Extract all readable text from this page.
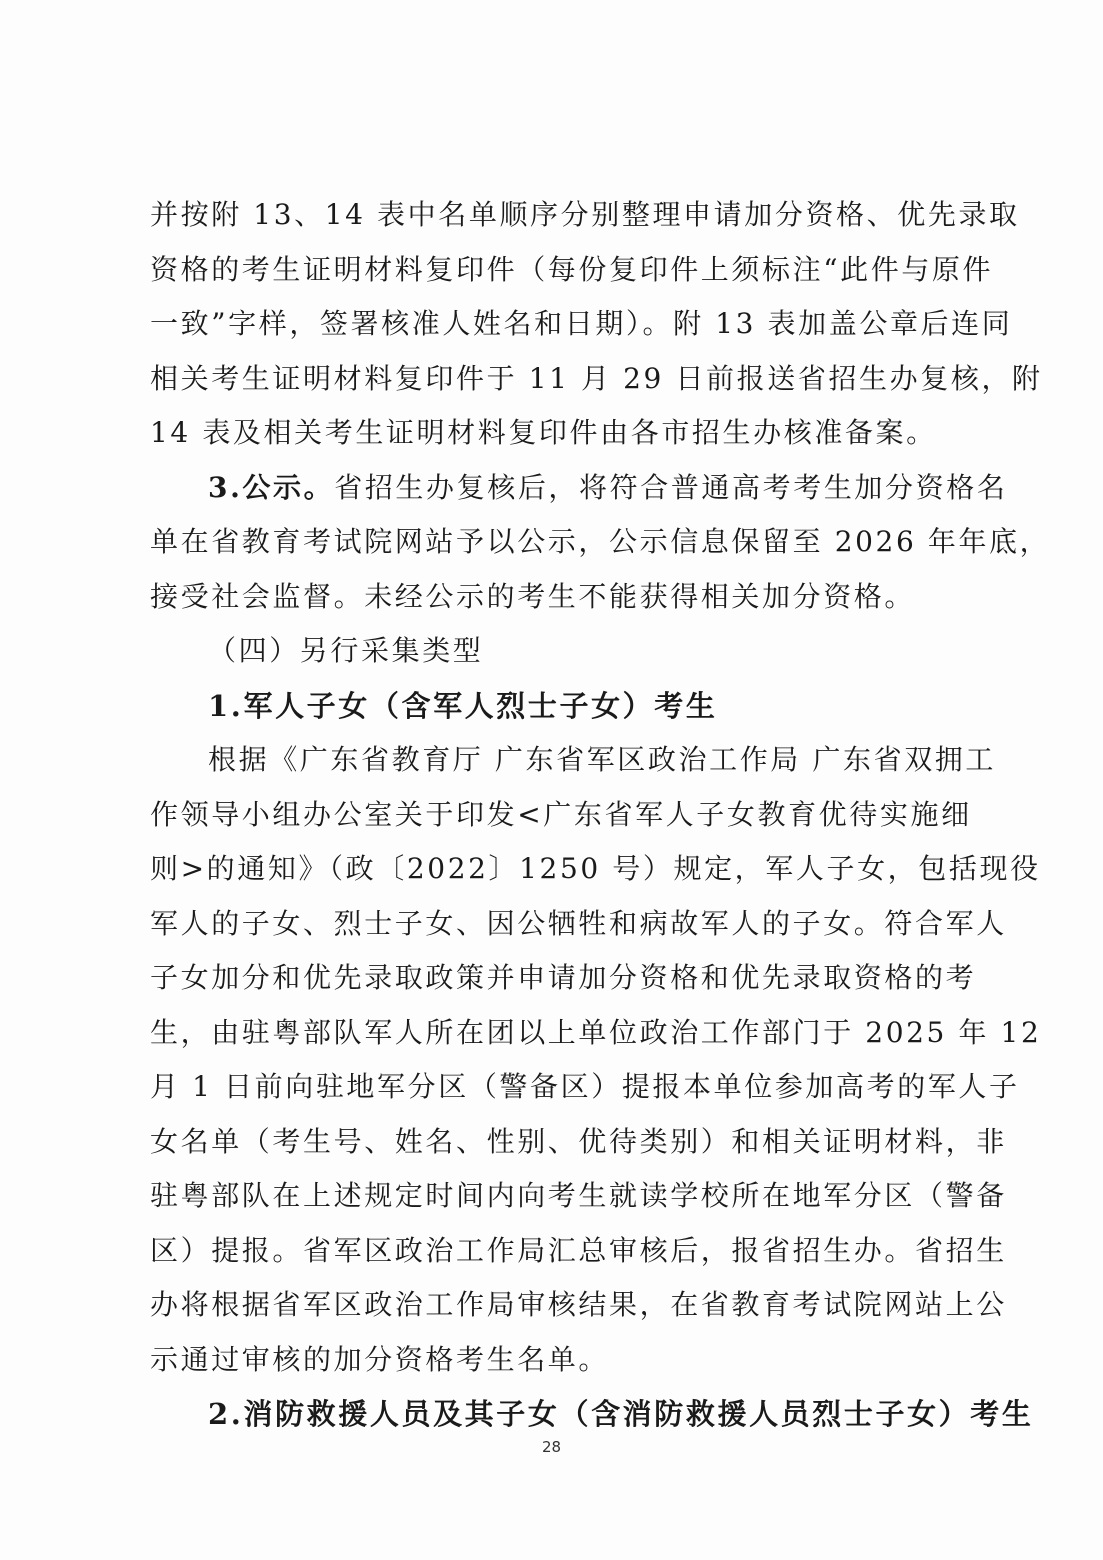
并按附 13、14 表中名单顺序分别整理申请加分资格、优先录取
资格的考生证明材料复印件（每份复印件上须标注“此件与原件
一致”字样，签署核准人姓名和日期）。附 13 表加盖公章后连同
相关考生证明材料复印件于 11 月 29 日前报送省招生办复核，附
14 表及相关考生证明材料复印件由各市招生办核准备案。
3.公示。省招生办复核后，将符合普通高考考生加分资格名
单在省教育考试院网站予以公示，公示信息保留至 2026 年年底，
接受社会监督。未经公示的考生不能获得相关加分资格。
（四）另行采集类型
1.军人子女（含军人烈士子女）考生
根据《广东省教育厅 广东省军区政治工作局 广东省双拥工
作领导小组办公室关于印发<广东省军人子女教育优待实施细
则>的通知》（政〔2022〕1250 号）规定，军人子女，包括现役
军人的子女、烈士子女、因公牺牲和病故军人的子女。符合军人
子女加分和优先录取政策并申请加分资格和优先录取资格的考
生，由驻粤部队军人所在团以上单位政治工作部门于 2025 年 12
月 1 日前向驻地军分区（警备区）提报本单位参加高考的军人子
女名单（考生号、姓名、性别、优待类别）和相关证明材料，非
驻粤部队在上述规定时间内向考生就读学校所在地军分区（警备
区）提报。省军区政治工作局汇总审核后，报省招生办。省招生
办将根据省军区政治工作局审核结果，在省教育考试院网站上公
示通过审核的加分资格考生名单。
2.消防救援人员及其子女（含消防救援人员烈士子女）考生
28
